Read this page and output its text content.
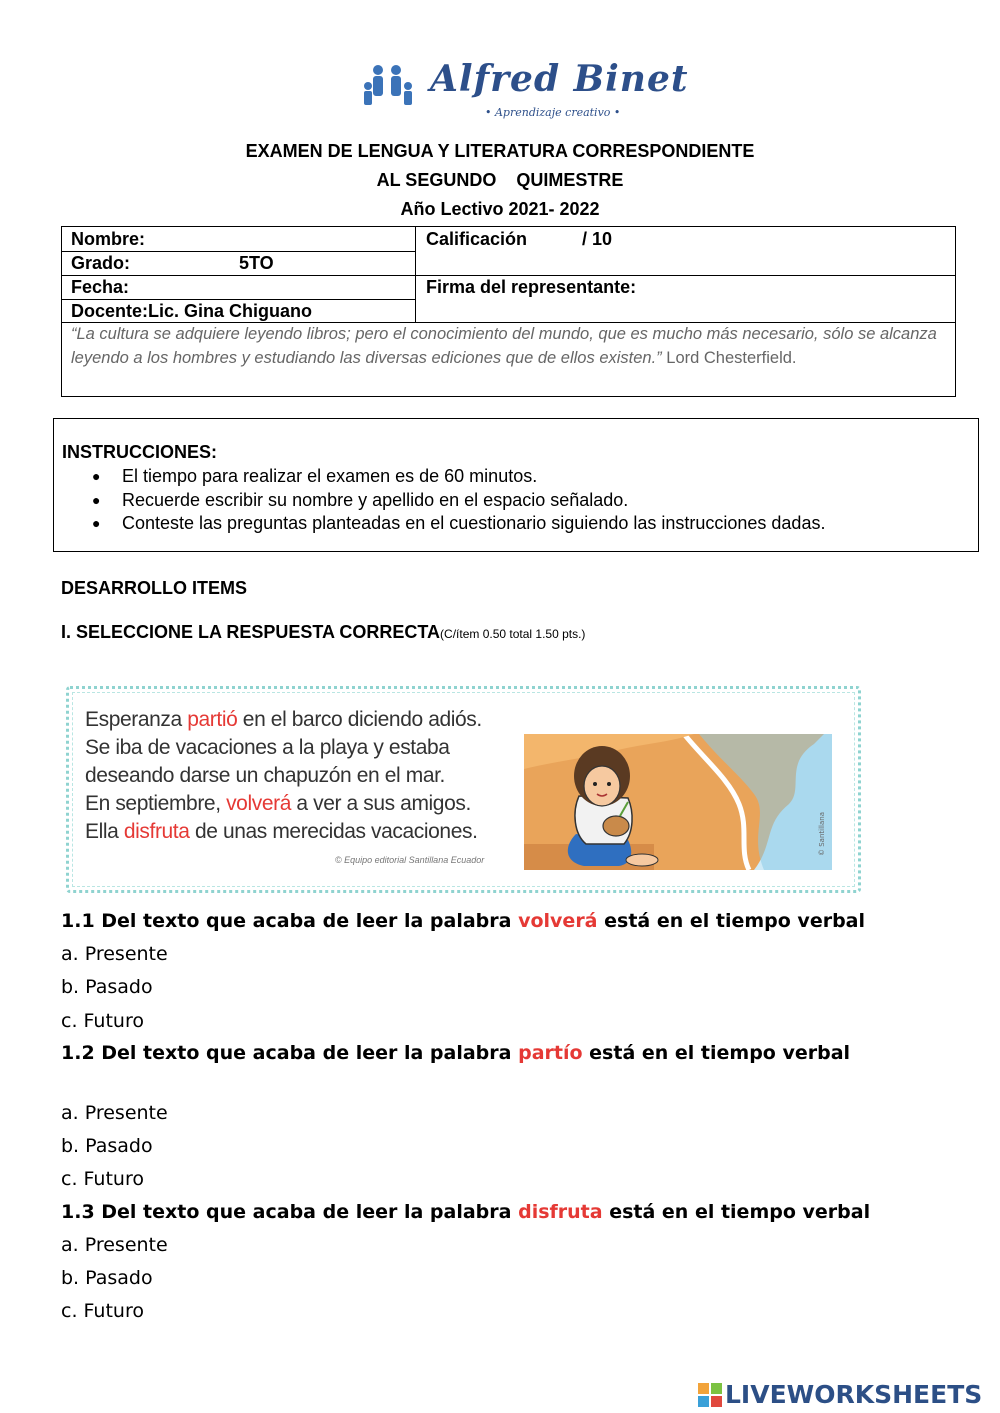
Alfred Binet
• Aprendizaje creativo •
EXAMEN DE LENGUA Y LITERATURA CORRESPONDIENTE
AL SEGUNDO    QUIMESTRE
Año Lectivo 2021- 2022
Nombre:
Grado:	5TO
Fecha:
Docente:Lic. Gina Chiguano
Calificación	/ 10
Firma del representante:
“La cultura se adquiere leyendo libros; pero el conocimiento del mundo, que es mucho más necesario, sólo se alcanza leyendo a los hombres y estudiando las diversas ediciones que de ellos existen.” Lord Chesterfield.
INSTRUCCIONES:
● El tiempo para realizar el examen es de 60 minutos.
● Recuerde escribir su nombre y apellido en el espacio señalado.
● Conteste las preguntas planteadas en el cuestionario siguiendo las instrucciones dadas.
DESARROLLO ITEMS
I. SELECCIONE LA RESPUESTA CORRECTA(C/ítem 0.50 total 1.50 pts.)
Esperanza partió en el barco diciendo adiós.
Se iba de vacaciones a la playa y estaba
deseando darse un chapuzón en el mar.
En septiembre, volverá a ver a sus amigos.
Ella disfruta de unas merecidas vacaciones.
© Equipo editorial Santillana Ecuador
© Santillana
1.1 Del texto que acaba de leer la palabra volverá está en el tiempo verbal
a. Presente
b. Pasado
c. Futuro
1.2 Del texto que acaba de leer la palabra partío está en el tiempo verbal
a. Presente
b. Pasado
c. Futuro
1.3 Del texto que acaba de leer la palabra disfruta está en el tiempo verbal
a. Presente
b. Pasado
c. Futuro
LIVEWORKSHEETS
